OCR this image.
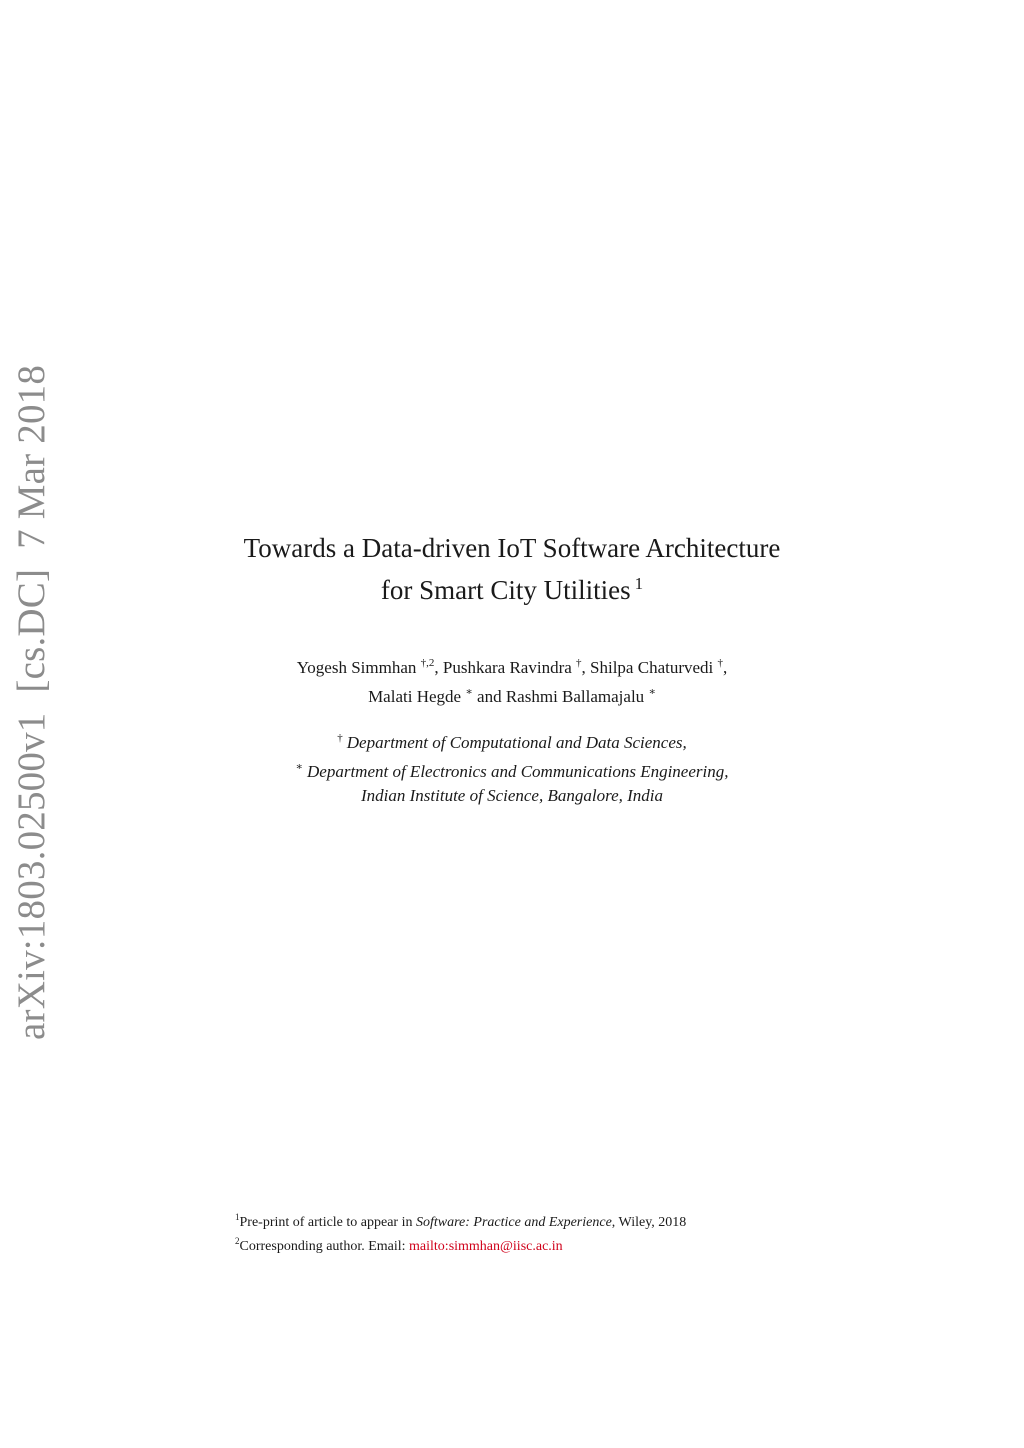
arXiv:1803.02500v1  [cs.DC]  7 Mar 2018	Towards a Data-driven IoT Software Architecture
for Smart City Utilities $^1$
Yogesh Simmhan $^{\dagger,2}$, Pushkara Ravindra †, Shilpa Chaturvedi †,
Malati Hegde ∗ and Rashmi Ballamajalu ∗
† Department of Computational and Data Sciences,
∗ Department of Electronics and Communications Engineering,
Indian Institute of Science, Bangalore, India
$^1$Pre-print of article to appear in Software: Practice and Experience, Wiley, 2018
$^2$Corresponding author. Email: mailto:simmhan@iisc.ac.in
